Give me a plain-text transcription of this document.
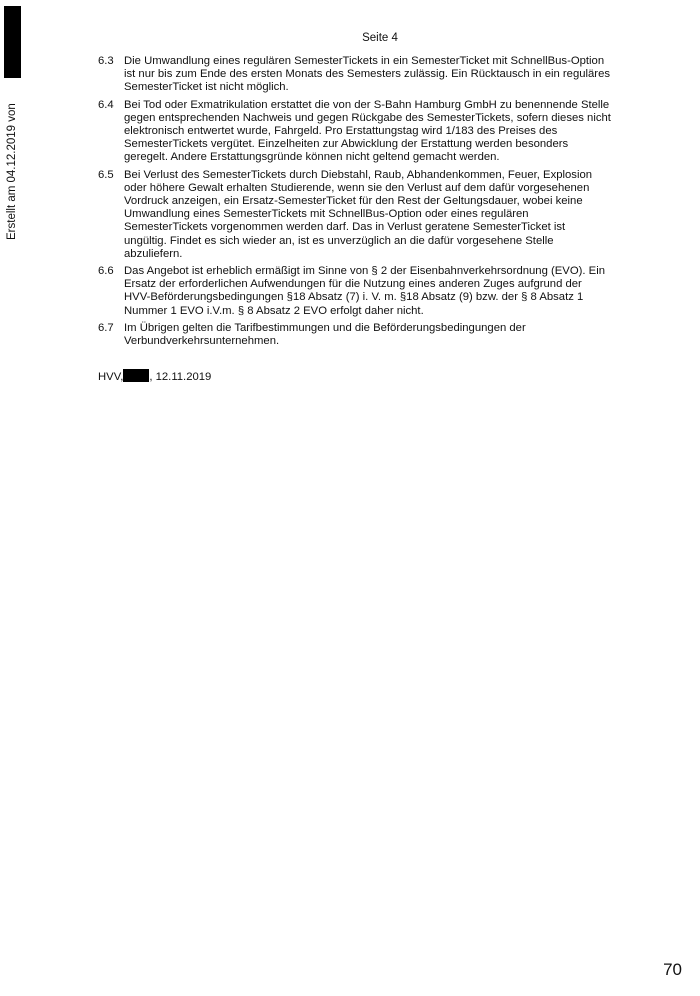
Erstellt am 04.12.2019 von
Seite 4
6.3 Die Umwandlung eines regulären SemesterTickets in ein SemesterTicket mit SchnellBus-Option
ist nur bis zum Ende des ersten Monats des Semesters zulässig. Ein Rücktausch in ein reguläres
SemesterTicket ist nicht möglich.
6.4 Bei Tod oder Exmatrikulation erstattet die von der S-Bahn Hamburg GmbH zu benennende Stelle
gegen entsprechenden Nachweis und gegen Rückgabe des SemesterTickets, sofern dieses nicht
elektronisch entwertet wurde, Fahrgeld. Pro Erstattungstag wird 1/183 des Preises des
SemesterTickets vergütet. Einzelheiten zur Abwicklung der Erstattung werden besonders
geregelt. Andere Erstattungsgründe können nicht geltend gemacht werden.
6.5 Bei Verlust des SemesterTickets durch Diebstahl, Raub, Abhandenkommen, Feuer, Explosion
oder höhere Gewalt erhalten Studierende, wenn sie den Verlust auf dem dafür vorgesehenen
Vordruck anzeigen, ein Ersatz-SemesterTicket für den Rest der Geltungsdauer, wobei keine
Umwandlung eines SemesterTickets mit SchnellBus-Option oder eines regulären
SemesterTickets vorgenommen werden darf. Das in Verlust geratene SemesterTicket ist
ungültig. Findet es sich wieder an, ist es unverzüglich an die dafür vorgesehene Stelle
abzuliefern.
6.6 Das Angebot ist erheblich ermäßigt im Sinne von § 2 der Eisenbahnverkehrsordnung (EVO). Ein
Ersatz der erforderlichen Aufwendungen für die Nutzung eines anderen Zuges aufgrund der
HVV-Beförderungsbedingungen §18 Absatz (7) i. V. m. §18 Absatz (9) bzw. der § 8 Absatz 1
Nummer 1 EVO i.V.m. § 8 Absatz 2 EVO erfolgt daher nicht.
6.7 Im Übrigen gelten die Tarifbestimmungen und die Beförderungsbedingungen der
Verbundverkehrsunternehmen.
HVV, , 12.11.2019
70
